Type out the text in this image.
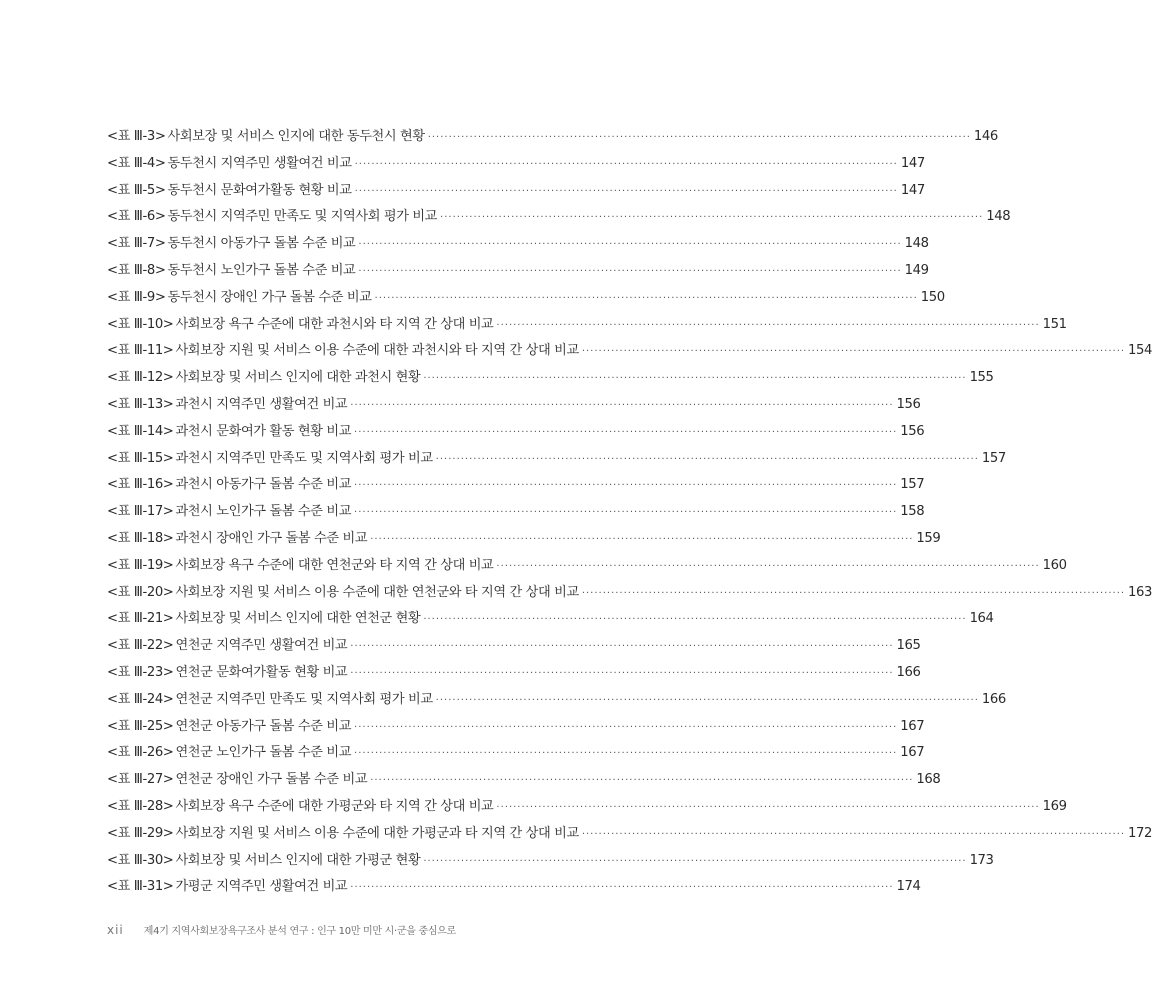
<표 Ⅲ-3> 사회보장 및 서비스 인지에 대한 동두천시 현황 ·····	146
<표 Ⅲ-4> 동두천시 지역주민 생활여건 비교 ·····	147
<표 Ⅲ-5> 동두천시 문화여가활동 현황 비교 ·····	147
<표 Ⅲ-6> 동두천시 지역주민 만족도 및 지역사회 평가 비교 ·····	148
<표 Ⅲ-7> 동두천시 아동가구 돌봄 수준 비교 ·····	148
<표 Ⅲ-8> 동두천시 노인가구 돌봄 수준 비교 ·····	149
<표 Ⅲ-9> 동두천시 장애인 가구 돌봄 수준 비교 ·····	150
<표 Ⅲ-10> 사회보장 욕구 수준에 대한 과천시와 타 지역 간 상대 비교 ·····	151
<표 Ⅲ-11> 사회보장 지원 및 서비스 이용 수준에 대한 과천시와 타 지역 간 상대 비교 ·····	154
<표 Ⅲ-12> 사회보장 및 서비스 인지에 대한 과천시 현황 ·····	155
<표 Ⅲ-13> 과천시 지역주민 생활여건 비교 ·····	156
<표 Ⅲ-14> 과천시 문화여가 활동 현황 비교 ·····	156
<표 Ⅲ-15> 과천시 지역주민 만족도 및 지역사회 평가 비교 ·····	157
<표 Ⅲ-16> 과천시 아동가구 돌봄 수준 비교 ·····	157
<표 Ⅲ-17> 과천시 노인가구 돌봄 수준 비교 ·····	158
<표 Ⅲ-18> 과천시 장애인 가구 돌봄 수준 비교 ·····	159
<표 Ⅲ-19> 사회보장 욕구 수준에 대한 연천군와 타 지역 간 상대 비교 ·····	160
<표 Ⅲ-20> 사회보장 지원 및 서비스 이용 수준에 대한 연천군와 타 지역 간 상대 비교 ·····	163
<표 Ⅲ-21> 사회보장 및 서비스 인지에 대한 연천군 현황 ·····	164
<표 Ⅲ-22> 연천군 지역주민 생활여건 비교 ·····	165
<표 Ⅲ-23> 연천군 문화여가활동 현황 비교 ·····	166
<표 Ⅲ-24> 연천군 지역주민 만족도 및 지역사회 평가 비교 ·····	166
<표 Ⅲ-25> 연천군 아동가구 돌봄 수준 비교 ·····	167
<표 Ⅲ-26> 연천군 노인가구 돌봄 수준 비교 ·····	167
<표 Ⅲ-27> 연천군 장애인 가구 돌봄 수준 비교 ·····	168
<표 Ⅲ-28> 사회보장 욕구 수준에 대한 가평군와 타 지역 간 상대 비교 ·····	169
<표 Ⅲ-29> 사회보장 지원 및 서비스 이용 수준에 대한 가평군과 타 지역 간 상대 비교 ·····	172
<표 Ⅲ-30> 사회보장 및 서비스 인지에 대한 가평군 현황 ·····	173
<표 Ⅲ-31> 가평군 지역주민 생활여건 비교 ·····	174
xii 제4기 지역사회보장욕구조사 분석 연구 : 인구 10만 미만 시·군을 중심으로
